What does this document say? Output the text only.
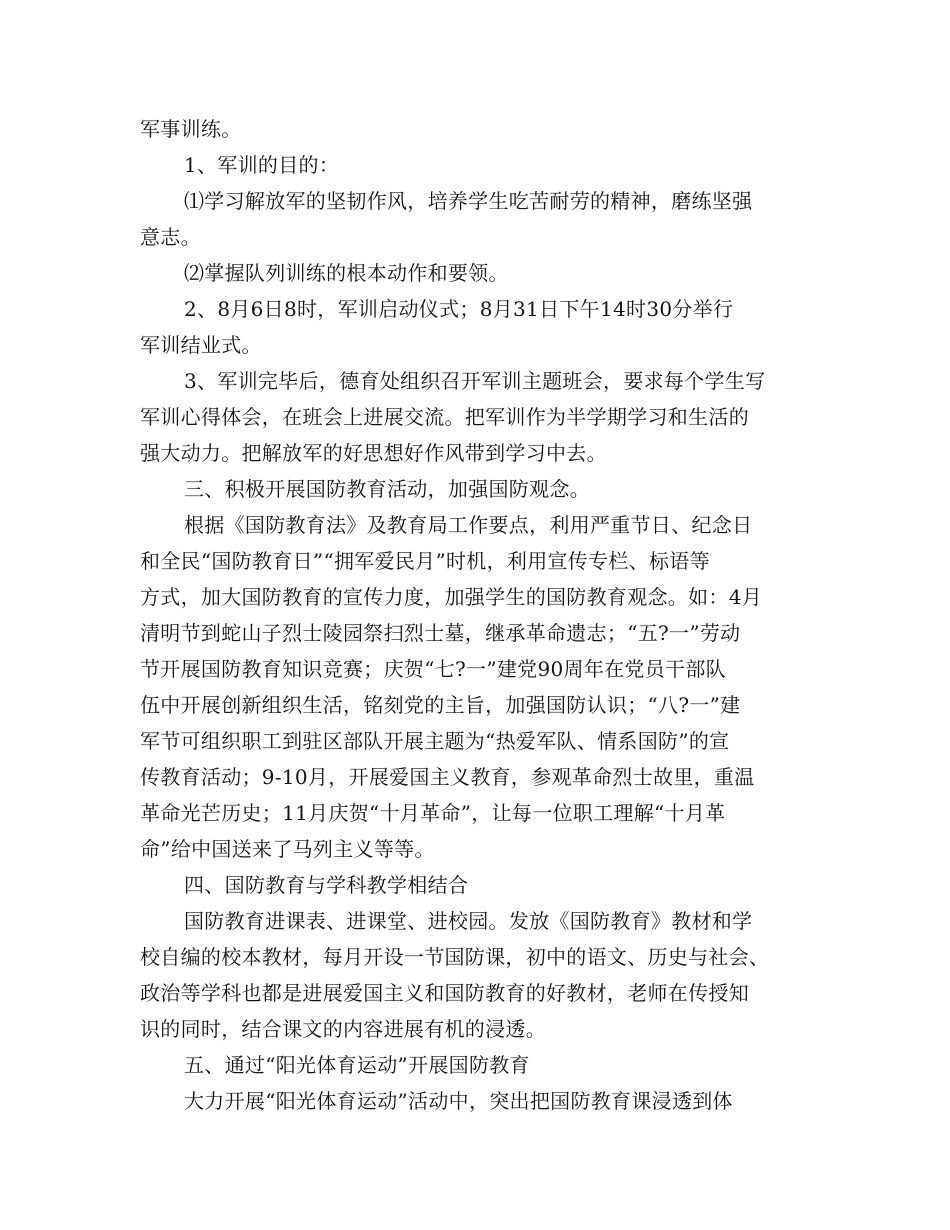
军事训练。
1、军训的目的：
⑴学习解放军的坚韧作风，培养学生吃苦耐劳的精神，磨练坚强
意志。
⑵掌握队列训练的根本动作和要领。
2、8月6日8时，军训启动仪式；8月31日下午14时30分举行
军训结业式。
3、军训完毕后，德育处组织召开军训主题班会，要求每个学生写
军训心得体会，在班会上进展交流。把军训作为半学期学习和生活的
强大动力。把解放军的好思想好作风带到学习中去。
三、积极开展国防教育活动，加强国防观念。
根据《国防教育法》及教育局工作要点，利用严重节日、纪念日
和全民“国防教育日”“拥军爱民月”时机，利用宣传专栏、标语等
方式，加大国防教育的宣传力度，加强学生的国防教育观念。如：4月
清明节到蛇山子烈士陵园祭扫烈士墓，继承革命遗志；“五?一”劳动
节开展国防教育知识竞赛；庆贺“七?一”建党90周年在党员干部队
伍中开展创新组织生活，铭刻党的主旨，加强国防认识；“八?一”建
军节可组织职工到驻区部队开展主题为“热爱军队、情系国防”的宣
传教育活动；9-10月，开展爱国主义教育，参观革命烈士故里，重温
革命光芒历史；11月庆贺“十月革命”，让每一位职工理解“十月革
命”给中国送来了马列主义等等。
四、国防教育与学科教学相结合
国防教育进课表、进课堂、进校园。发放《国防教育》教材和学
校自编的校本教材，每月开设一节国防课，初中的语文、历史与社会、
政治等学科也都是进展爱国主义和国防教育的好教材，老师在传授知
识的同时，结合课文的内容进展有机的浸透。
五、通过“阳光体育运动”开展国防教育
大力开展“阳光体育运动”活动中，突出把国防教育课浸透到体
